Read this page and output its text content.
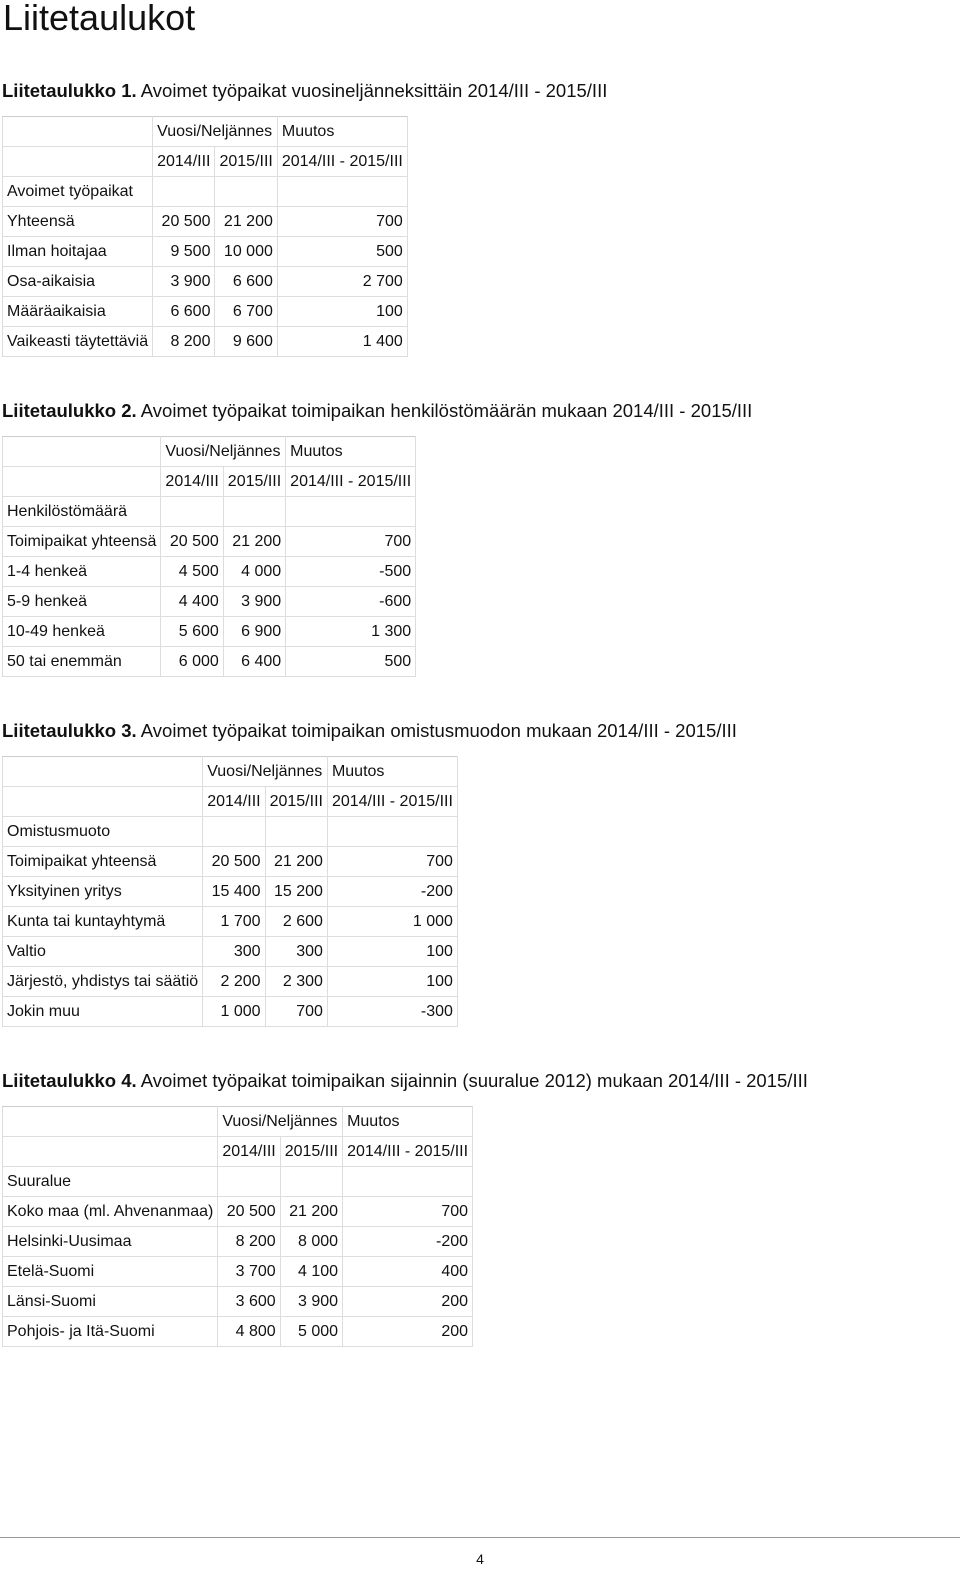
Liitetaulukot
Liitetaulukko 1. Avoimet työpaikat vuosineljänneksittäin 2014/III - 2015/III
	Vuosi/Neljännes		Muutos
	2014/III	2015/III	2014/III - 2015/III
Avoimet työpaikat			
Yhteensä	20 500	21 200	700
Ilman hoitajaa	9 500	10 000	500
Osa-aikaisia	3 900	6 600	2 700
Määräaikaisia	6 600	6 700	100
Vaikeasti täytettäviä	8 200	9 600	1 400
Liitetaulukko 2. Avoimet työpaikat toimipaikan henkilöstömäärän mukaan 2014/III - 2015/III
	Vuosi/Neljännes		Muutos
	2014/III	2015/III	2014/III - 2015/III
Henkilöstömäärä			
Toimipaikat yhteensä	20 500	21 200	700
1-4 henkeä	4 500	4 000	-500
5-9 henkeä	4 400	3 900	-600
10-49 henkeä	5 600	6 900	1 300
50 tai enemmän	6 000	6 400	500
Liitetaulukko 3. Avoimet työpaikat toimipaikan omistusmuodon mukaan 2014/III - 2015/III
	Vuosi/Neljännes		Muutos
	2014/III	2015/III	2014/III - 2015/III
Omistusmuoto			
Toimipaikat yhteensä	20 500	21 200	700
Yksityinen yritys	15 400	15 200	-200
Kunta tai kuntayhtymä	1 700	2 600	1 000
Valtio	300	300	100
Järjestö, yhdistys tai säätiö	2 200	2 300	100
Jokin muu	1 000	700	-300
Liitetaulukko 4. Avoimet työpaikat toimipaikan sijainnin (suuralue 2012) mukaan 2014/III - 2015/III
	Vuosi/Neljännes		Muutos
	2014/III	2015/III	2014/III - 2015/III
Suuralue			
Koko maa (ml. Ahvenanmaa)	20 500	21 200	700
Helsinki-Uusimaa	8 200	8 000	-200
Etelä-Suomi	3 700	4 100	400
Länsi-Suomi	3 600	3 900	200
Pohjois- ja Itä-Suomi	4 800	5 000	200
4
